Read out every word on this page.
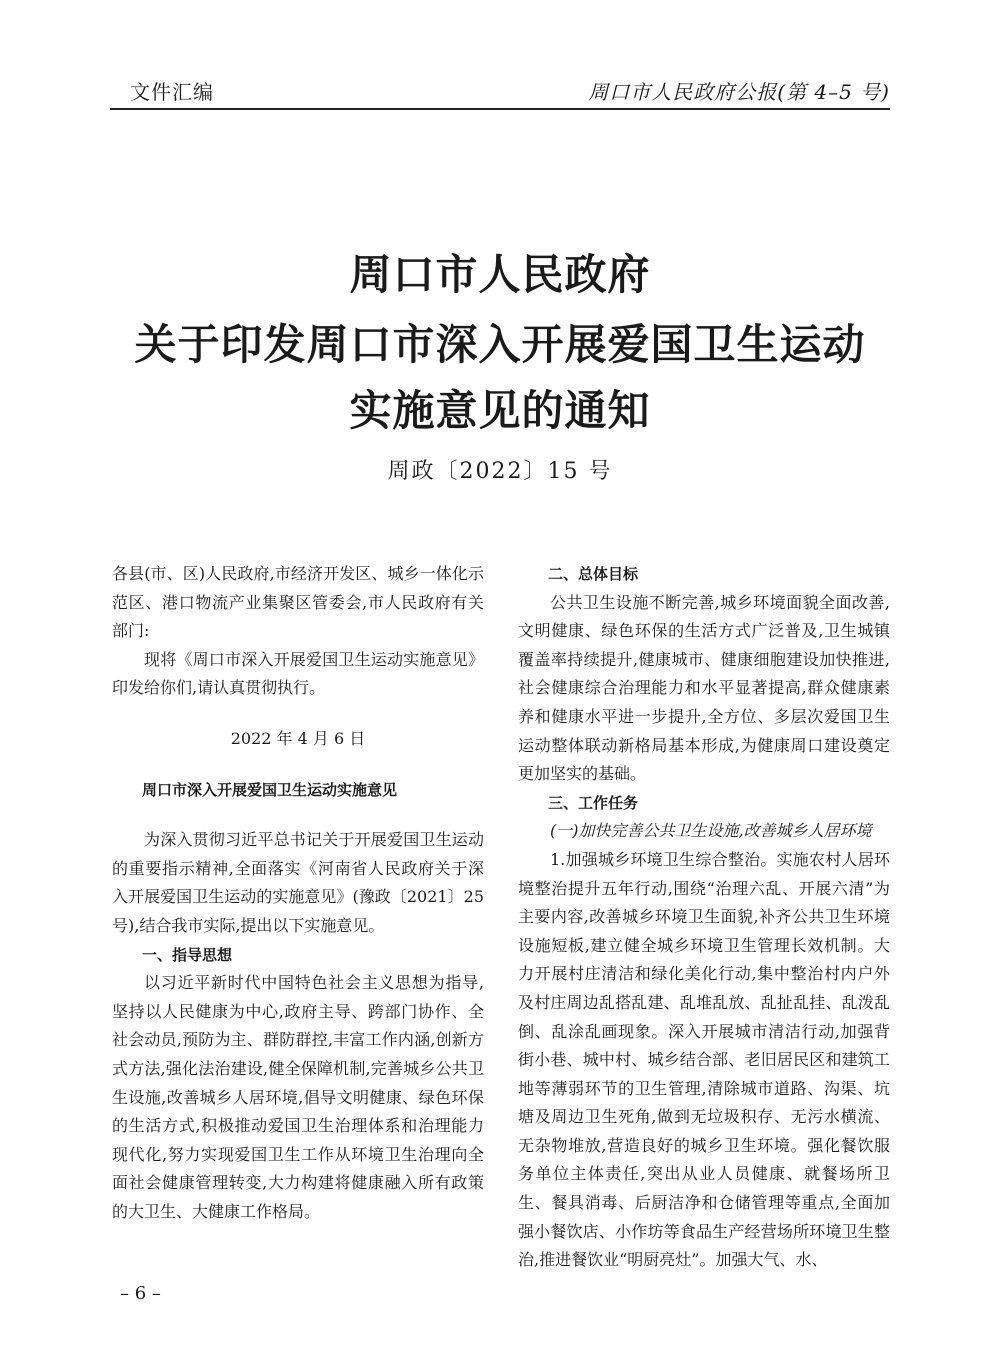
文件汇编	周口市人民政府公报(第 4–5 号)
周口市人民政府
关于印发周口市深入开展爱国卫生运动
实施意见的通知
周政〔2022〕15 号

各县(市、区)人民政府,市经济开发区、城乡一体化示范区、港口物流产业集聚区管委会,市人民政府有关部门:

现将《周口市深入开展爱国卫生运动实施意见》印发给你们,请认真贯彻执行。

2022 年 4 月 6 日

周口市深入开展爱国卫生运动实施意见

为深入贯彻习近平总书记关于开展爱国卫生运动的重要指示精神,全面落实《河南省人民政府关于深入开展爱国卫生运动的实施意见》(豫政〔2021〕25 号),结合我市实际,提出以下实施意见。

一、指导思想

以习近平新时代中国特色社会主义思想为指导,坚持以人民健康为中心,政府主导、跨部门协作、全社会动员,预防为主、群防群控,丰富工作内涵,创新方式方法,强化法治建设,健全保障机制,完善城乡公共卫生设施,改善城乡人居环境,倡导文明健康、绿色环保的生活方式,积极推动爱国卫生治理体系和治理能力现代化,努力实现爱国卫生工作从环境卫生治理向全面社会健康管理转变,大力构建将健康融入所有政策的大卫生、大健康工作格局。

二、总体目标

公共卫生设施不断完善,城乡环境面貌全面改善,文明健康、绿色环保的生活方式广泛普及,卫生城镇覆盖率持续提升,健康城市、健康细胞建设加快推进,社会健康综合治理能力和水平显著提高,群众健康素养和健康水平进一步提升,全方位、多层次爱国卫生运动整体联动新格局基本形成,为健康周口建设奠定更加坚实的基础。

三、工作任务

(一)加快完善公共卫生设施,改善城乡人居环境

1.加强城乡环境卫生综合整治。实施农村人居环境整治提升五年行动,围绕“治理六乱、开展六清”为主要内容,改善城乡环境卫生面貌,补齐公共卫生环境设施短板,建立健全城乡环境卫生管理长效机制。大力开展村庄清洁和绿化美化行动,集中整治村内户外及村庄周边乱搭乱建、乱堆乱放、乱扯乱挂、乱泼乱倒、乱涂乱画现象。深入开展城市清洁行动,加强背街小巷、城中村、城乡结合部、老旧居民区和建筑工地等薄弱环节的卫生管理,清除城市道路、沟渠、坑塘及周边卫生死角,做到无垃圾积存、无污水横流、无杂物堆放,营造良好的城乡卫生环境。强化餐饮服务单位主体责任,突出从业人员健康、就餐场所卫生、餐具消毒、后厨洁净和仓储管理等重点,全面加强小餐饮店、小作坊等食品生产经营场所环境卫生整治,推进餐饮业“明厨亮灶”。加强大气、水、

– 6 –
